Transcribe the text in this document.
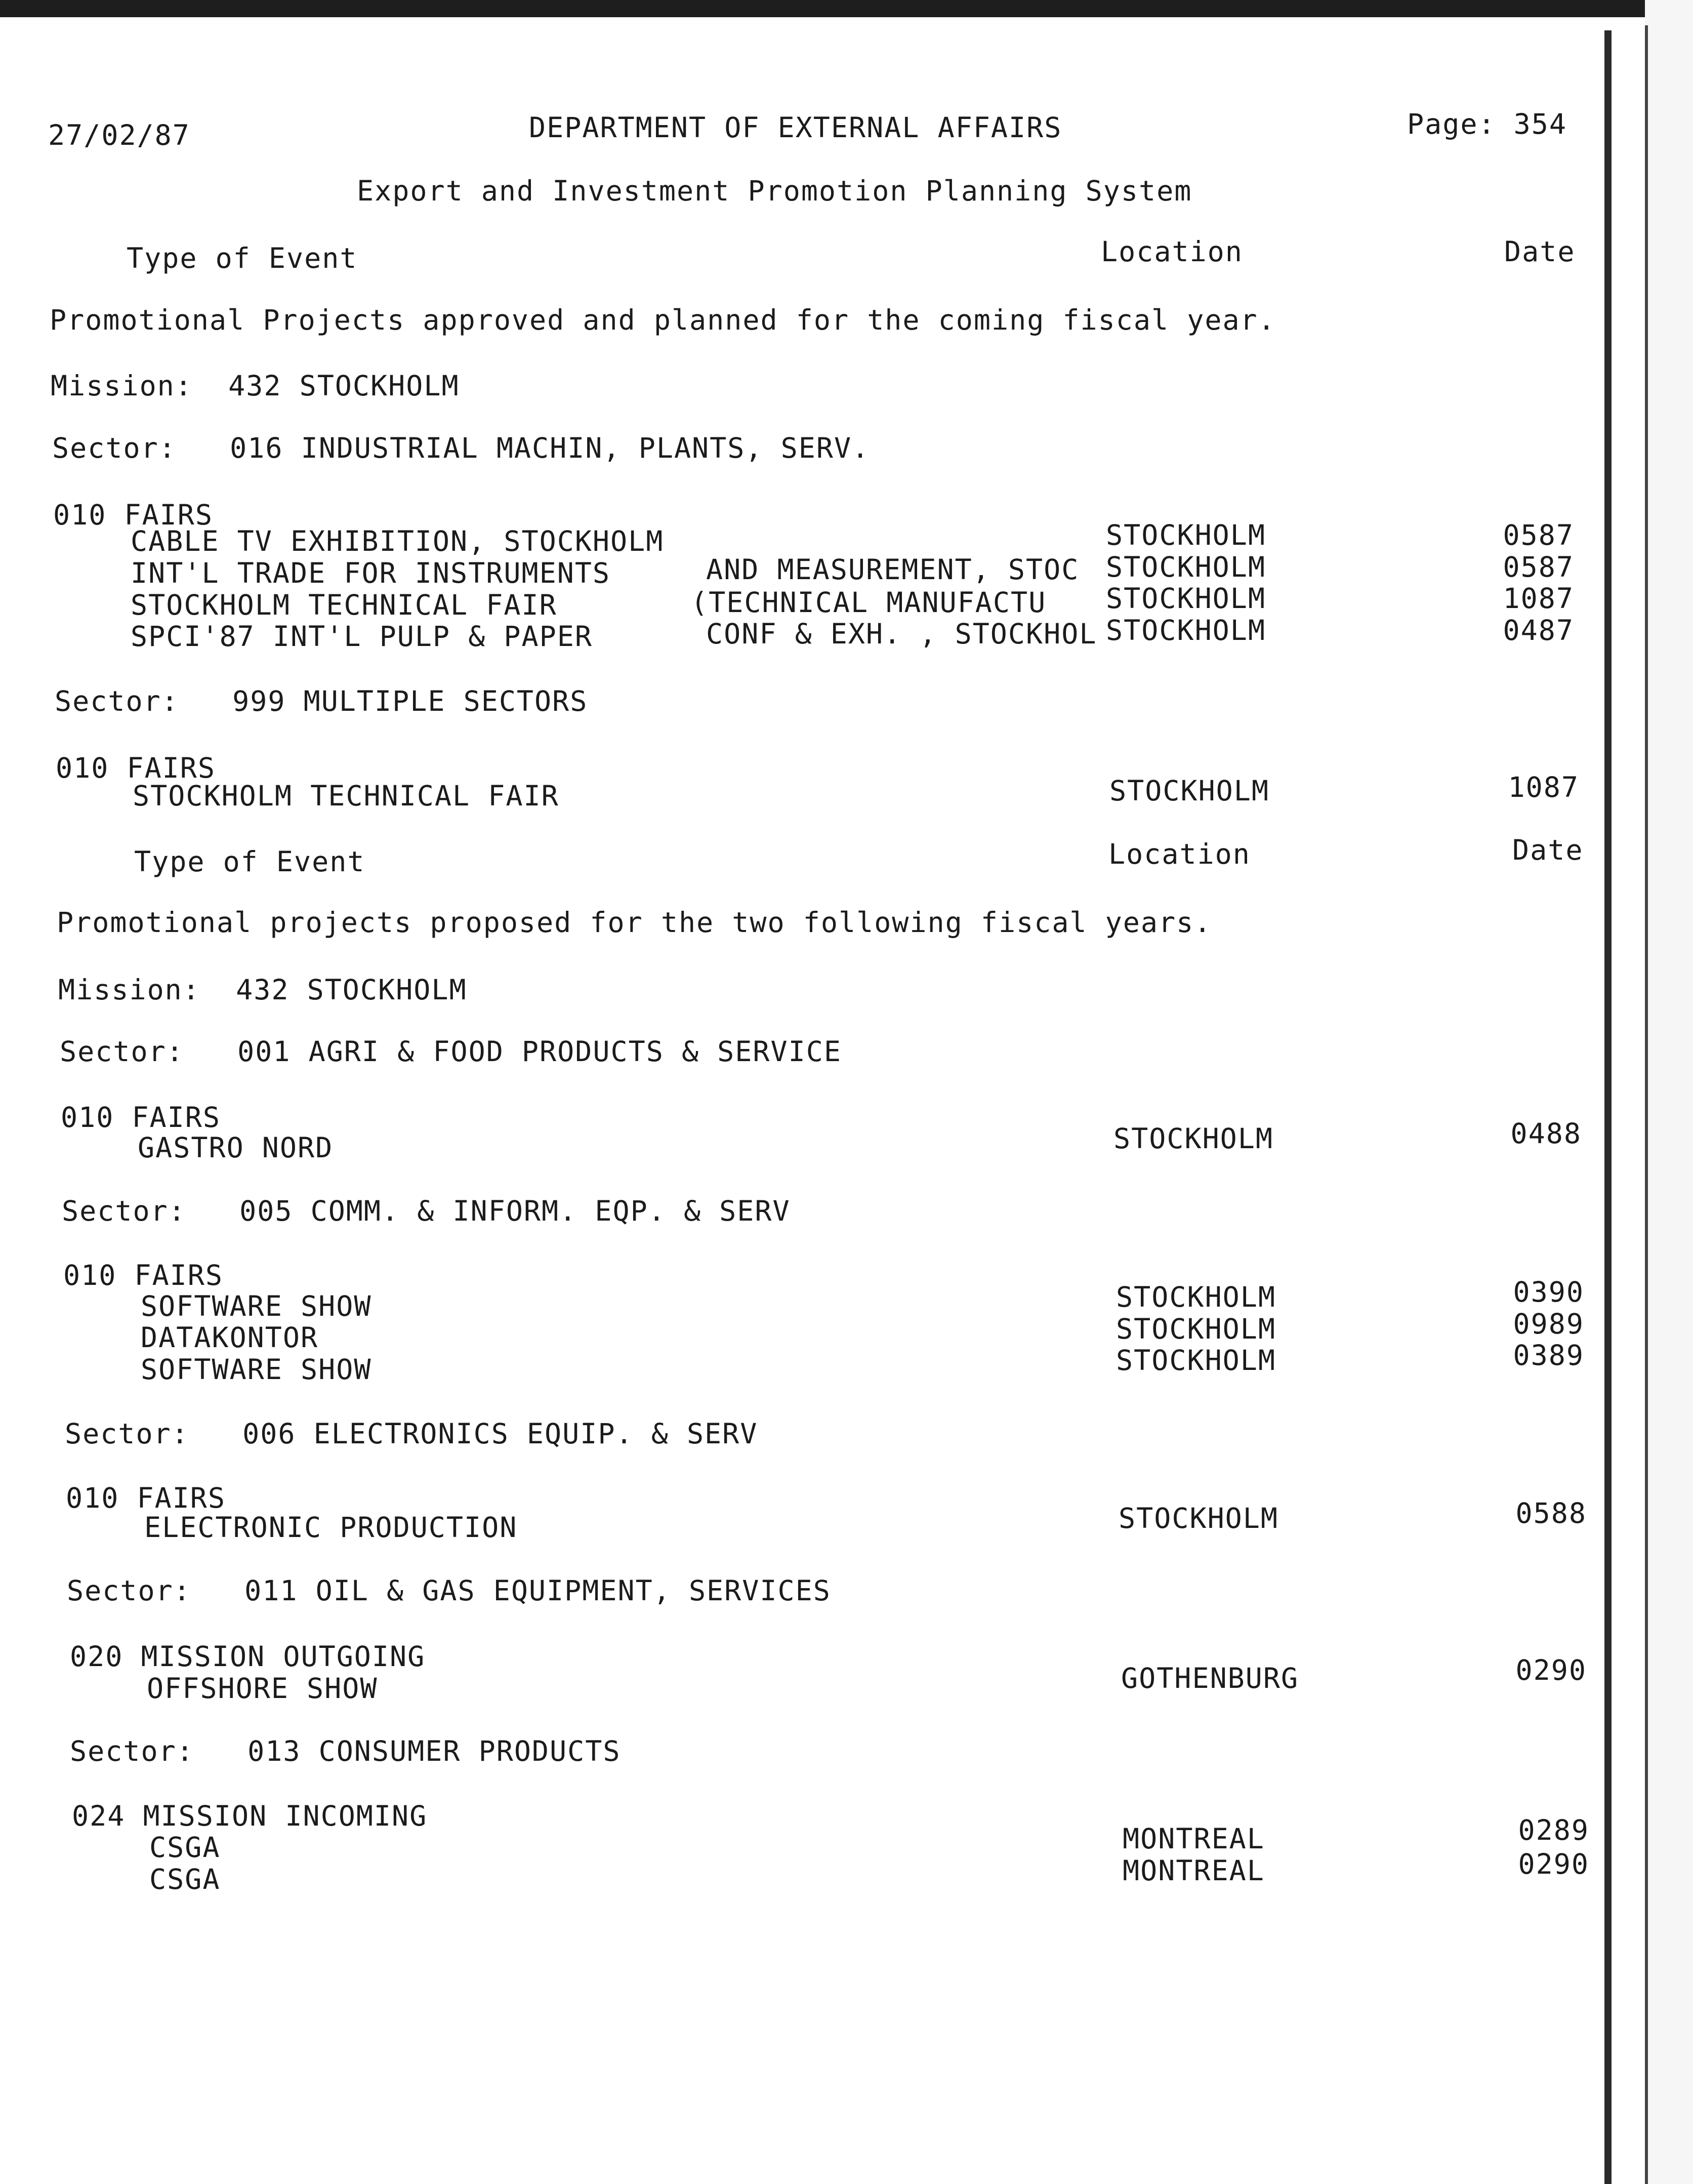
27/02/87	DEPARTMENT OF EXTERNAL AFFAIRS	Page: 354
Export and Investment Promotion Planning System
Type of Event	Location	Date
Promotional Projects approved and planned for the coming fiscal year.
Mission:  432 STOCKHOLM
Sector:   016 INDUSTRIAL MACHIN, PLANTS, SERV.
010 FAIRS
CABLE TV EXHIBITION, STOCKHOLM	STOCKHOLM	0587
INT'L TRADE FOR INSTRUMENTS	AND MEASUREMENT, STOC STOCKHOLM	0587
STOCKHOLM TECHNICAL FAIR	(TECHNICAL MANUFACTU STOCKHOLM	1087
SPCI'87 INT'L PULP & PAPER	CONF & EXH. , STOCKHOL STOCKHOLM	0487
Sector:   999 MULTIPLE SECTORS
010 FAIRS
STOCKHOLM TECHNICAL FAIR	STOCKHOLM	1087
Type of Event	Location	Date
Promotional projects proposed for the two following fiscal years.
Mission:  432 STOCKHOLM
Sector:   001 AGRI & FOOD PRODUCTS & SERVICE
010 FAIRS
GASTRO NORD	STOCKHOLM	0488
Sector:   005 COMM. & INFORM. EQP. & SERV
010 FAIRS
SOFTWARE SHOW	STOCKHOLM	0390
DATAKONTOR	STOCKHOLM	0989
SOFTWARE SHOW	STOCKHOLM	0389
Sector:   006 ELECTRONICS EQUIP. & SERV
010 FAIRS
ELECTRONIC PRODUCTION	STOCKHOLM	0588
Sector:   011 OIL & GAS EQUIPMENT, SERVICES
020 MISSION OUTGOING
OFFSHORE SHOW	GOTHENBURG	0290
Sector:   013 CONSUMER PRODUCTS
024 MISSION INCOMING
CSGA	MONTREAL	0289
CSGA	MONTREAL	0290
